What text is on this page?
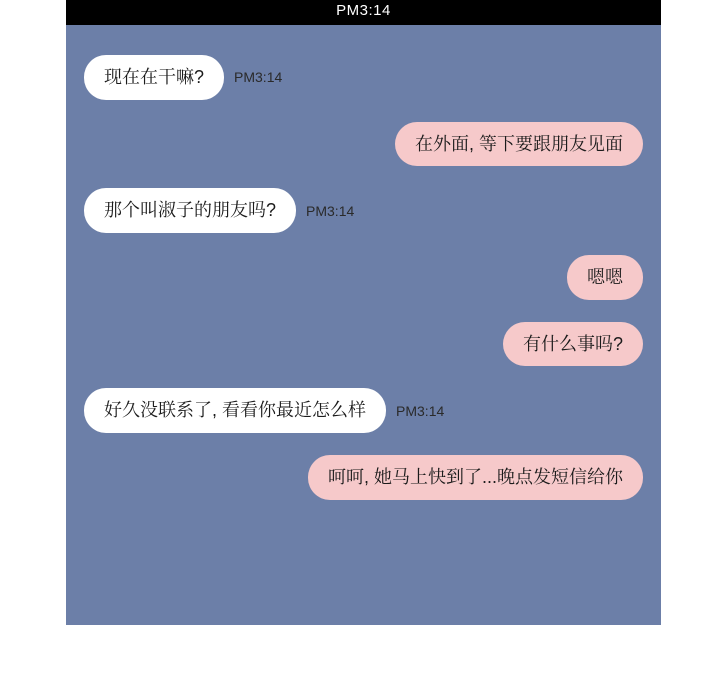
PM3:14
现在在干嘛?	PM3:14
在外面, 等下要跟朋友见面
那个叫淑子的朋友吗?	PM3:14
嗯嗯
有什么事吗?
好久没联系了, 看看你最近怎么样	PM3:14
呵呵, 她马上快到了...晚点发短信给你
